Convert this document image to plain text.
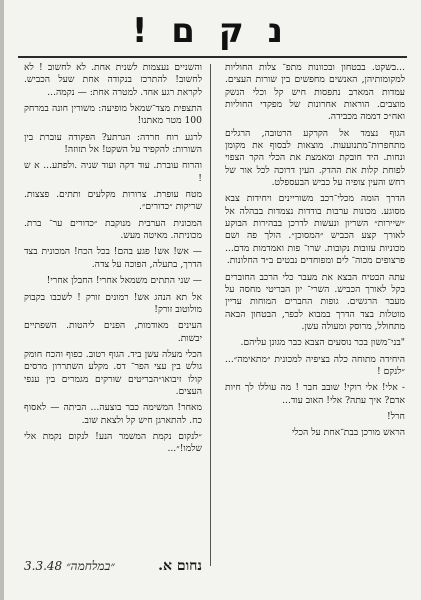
נ ק ם !

...בשקט. בבטחון ובכוונות מתפ־ צלות החוליות למקומותיהן, האנשים מחפשים בין שורות העצים. עמדות המארב נתפסות חיש קל וכלי הנשק מוצבים. הוראות אחרונות של מפקדי החוליות ואח״כ דממה מכבידה.

הגוף נצמד אל הקרקע הרטובה, הרגלים מתחפרות־מתנועעות. מוצאות לבסוף את מקומן ונחות. היד חובקת ומאמצת את הכלי הקר הצפוי לפוחת קלות את ההדק. העין דרוכה לכל אור של רחש והעין צופיה על כביש הבעספלט.

הדרך הומה מכלי־רכב משוריינים ויחידות צבא מסוגע. מכונות ערבות בודדות נצמדות בבהלה אל ״שיירות״ השריון ונעשות לדרכן בבהירות הבוקע לאורך קצע הכביש ״המסוכן״. הולך פה ושם מכוניות עזובות נקובות. שרו־ פות ואמדמות מדם... פרצופים מכוה־ לים ומפוחדים נבטים ב״ד החלונות.

עתה הבטיח הבצא את מעבר כלי הרכב החוברים בקל לאורך הכביש. השרי־ יון הבריטי מחסה על מעבר הרגשים. גופות החברים המוחות עדיין מוטלות בצד הדרך במבוא לכפר, הבטחון הבאה מתחולל, מרוסק ומעולה עשן.

"בני־משון בכר נוסעים הצבא כבר מגונן עליהם.

היחידה מתוחה כלה בציפיה למכונית ״מתאימה״... ״לנקם !

- אלי! אלי רוקי! שובב חבר ! מה עוללו לך חיות אדם? איך עתה? אלי! האוב עוד...

חרל!

הראש מורכן בבת־אחת על הכלי

והשניים נעצמות לשנית אחת. לא לחשוב ! לא לחשוב! להתרכז בנקודה אחת שעל הכביש. לקראת רגע אחד. למטרה אחת: — נקמה...

התצפית מצד־שמאל מופיעה: משורין חונה במרחק 100 מטר מאתנו!

לרגע רוח חרדה: הגרתע? הפקודה עוברת בין השורות: להקפיד על השקט! אל תזוזה!

והרוח עוברת. עוד דקה ועוד שניה .ולפתע... א ש !

מטח עופרת. צרורות מקלעים ותתים. פצצות. שריקות ״כדורים״.

המכונית הערבית מנוקבת ״כדורים ער־ ברת. מכוניתה. מאיטה מעש.

— אש! אש! פגע בהם! בכל הכח! המכונית בצד הדרך, בתעלה, הפוכה על צדה.

— שני התתים משמאל אחרי! החבלן אחרי!

אל תא הנהג אש! רמונים זורק ! לשכבו בקבוק מולוטוב זורק!

העינים מאודמות, הפנים ליהטות. השפתיים יבשות.

הכלי מעלה עשן ביד. הגוף רטוב. כפוף והכח חומק גולש בין עצי הפר־ דס. מקלע השתררון מרסים קולו זיבואו״הבריטים שורקים מגמרים בין ענפי העצים.

מאחר! המשימה כבר בוצעה... הביתה — לאסוף כח. להתארגן חיש קל ולצאת שוב.

״לנקום נקמת המשמר הנע! לנקום נקמת אלי שלמו!״...

3.3.48 ״במלחמה״	נחום א.
